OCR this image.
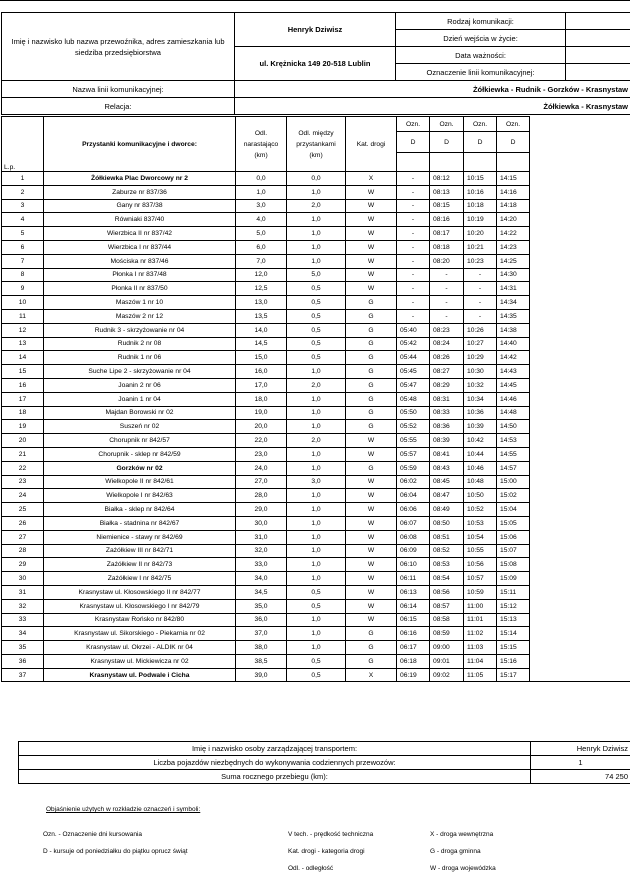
Imię i nazwisko lub nazwa przewoźnika, adres zamieszkania lub siedziba przedsiębiorstwa	Henryk Dziwisz	Rodzaj komunikacji:	
		Dzień wejścia w życie:	
	ul. Krężnicka 149 20-518 Lublin	Data ważności:	
		Oznaczenie linii komunikacyjnej:	
Nazwa linii komunikacyjnej:	Żółkiewka - Rudnik - Gorzków - Krasnystaw		
Relacja:	Żółkiewka - Krasnystaw		
L.p.	Przystanki komunikacyjne i dworce:	Odl. narastająco (km)	Odl. między przystankami (km)	Kat. drogi	Ozn.	Ozn.	Ozn.	Ozn.	
					D	D	D	D	

1	Żółkiewka Plac Dworcowy nr 2	0,0	0,0	X	-	08:12	10:15	14:15	
2	Zaburze nr 837/36	1,0	1,0	W	-	08:13	10:16	14:16	
3	Gany nr 837/38	3,0	2,0	W	-	08:15	10:18	14:18	
4	Równiaki 837/40	4,0	1,0	W	-	08:16	10:19	14:20	
5	Wierzbica II nr 837/42	5,0	1,0	W	-	08:17	10:20	14:22	
6	Wierzbica I nr 837/44	6,0	1,0	W	-	08:18	10:21	14:23	
7	Mościska nr 837/46	7,0	1,0	W	-	08:20	10:23	14:25	
8	Płonka I nr 837/48	12,0	5,0	W	-	-	-	14:30	
9	Płonka II nr 837/50	12,5	0,5	W	-	-	-	14:31	
10	Maszów 1 nr 10	13,0	0,5	G	-	-	-	14:34	
11	Maszów 2 nr 12	13,5	0,5	G	-	-	-	14:35	
12	Rudnik 3 - skrzyżowanie nr 04	14,0	0,5	G	05:40	08:23	10:26	14:38	
13	Rudnik 2 nr 08	14,5	0,5	G	05:42	08:24	10:27	14:40	
14	Rudnik 1 nr 06	15,0	0,5	G	05:44	08:26	10:29	14:42	
15	Suche Lipe 2 - skrzyżowanie nr 04	16,0	1,0	G	05:45	08:27	10:30	14:43	
16	Joanin 2 nr 06	17,0	2,0	G	05:47	08:29	10:32	14:45	
17	Joanin 1 nr 04	18,0	1,0	G	05:48	08:31	10:34	14:46	
18	Majdan Borowski nr 02	19,0	1,0	G	05:50	08:33	10:36	14:48	
19	Suszeń nr 02	20,0	1,0	G	05:52	08:36	10:39	14:50	
20	Chorupnik nr 842/57	22,0	2,0	W	05:55	08:39	10:42	14:53	
21	Chorupnik - sklep nr 842/59	23,0	1,0	W	05:57	08:41	10:44	14:55	
22	Gorzków nr 02	24,0	1,0	G	05:59	08:43	10:46	14:57	
23	Wielkopole II nr 842/61	27,0	3,0	W	06:02	08:45	10:48	15:00	
24	Wielkopole I nr 842/63	28,0	1,0	W	06:04	08:47	10:50	15:02	
25	Białka - sklep nr 842/64	29,0	1,0	W	06:06	08:49	10:52	15:04	
26	Białka - stadnina nr 842/67	30,0	1,0	W	06:07	08:50	10:53	15:05	
27	Niemienice - stawy nr 842/69	31,0	1,0	W	06:08	08:51	10:54	15:06	
28	Zażółkiew III nr 842/71	32,0	1,0	W	06:09	08:52	10:55	15:07	
29	Zażółkiew II nr 842/73	33,0	1,0	W	06:10	08:53	10:56	15:08	
30	Zażółkiew I nr 842/75	34,0	1,0	W	06:11	08:54	10:57	15:09	
31	Krasnystaw ul. Kłosowskiego II nr 842/77	34,5	0,5	W	06:13	08:56	10:59	15:11	
32	Krasnystaw ul. Kłosowskiego I nr 842/79	35,0	0,5	W	06:14	08:57	11:00	15:12	
33	Krasnystaw Rońsko nr 842/80	36,0	1,0	W	06:15	08:58	11:01	15:13	
34	Krasnystaw ul. Sikorskiego - Piekarnia nr 02	37,0	1,0	G	06:16	08:59	11:02	15:14	
35	Krasnystaw ul. Okrzei - ALDIK nr 04	38,0	1,0	G	06:17	09:00	11:03	15:15	
36	Krasnystaw ul. Mickiewicza nr 02	38,5	0,5	G	06:18	09:01	11:04	15:16	
37	Krasnystaw ul. Podwale i Cicha	39,0	0,5	X	06:19	09:02	11:05	15:17	
Imię i nazwisko osoby zarządzającej transportem:	Henryk Dziwisz
Liczba pojazdów niezbędnych do wykonywania codziennych przewozów:	1
Suma rocznego przebiegu (km):	74 250
Objaśnienie użytych w rozkładzie oznaczeń i symboli:
Ozn. - Oznaczenie dni kursowania
D - kursuje od poniedziałku do piątku oprucz świąt
V tech. - prędkość techniczna
Kat. drogi - kategoria drogi
Odl. - odległość
X - droga wewnętrzna
G - droga gminna
W - droga wojewódzka
